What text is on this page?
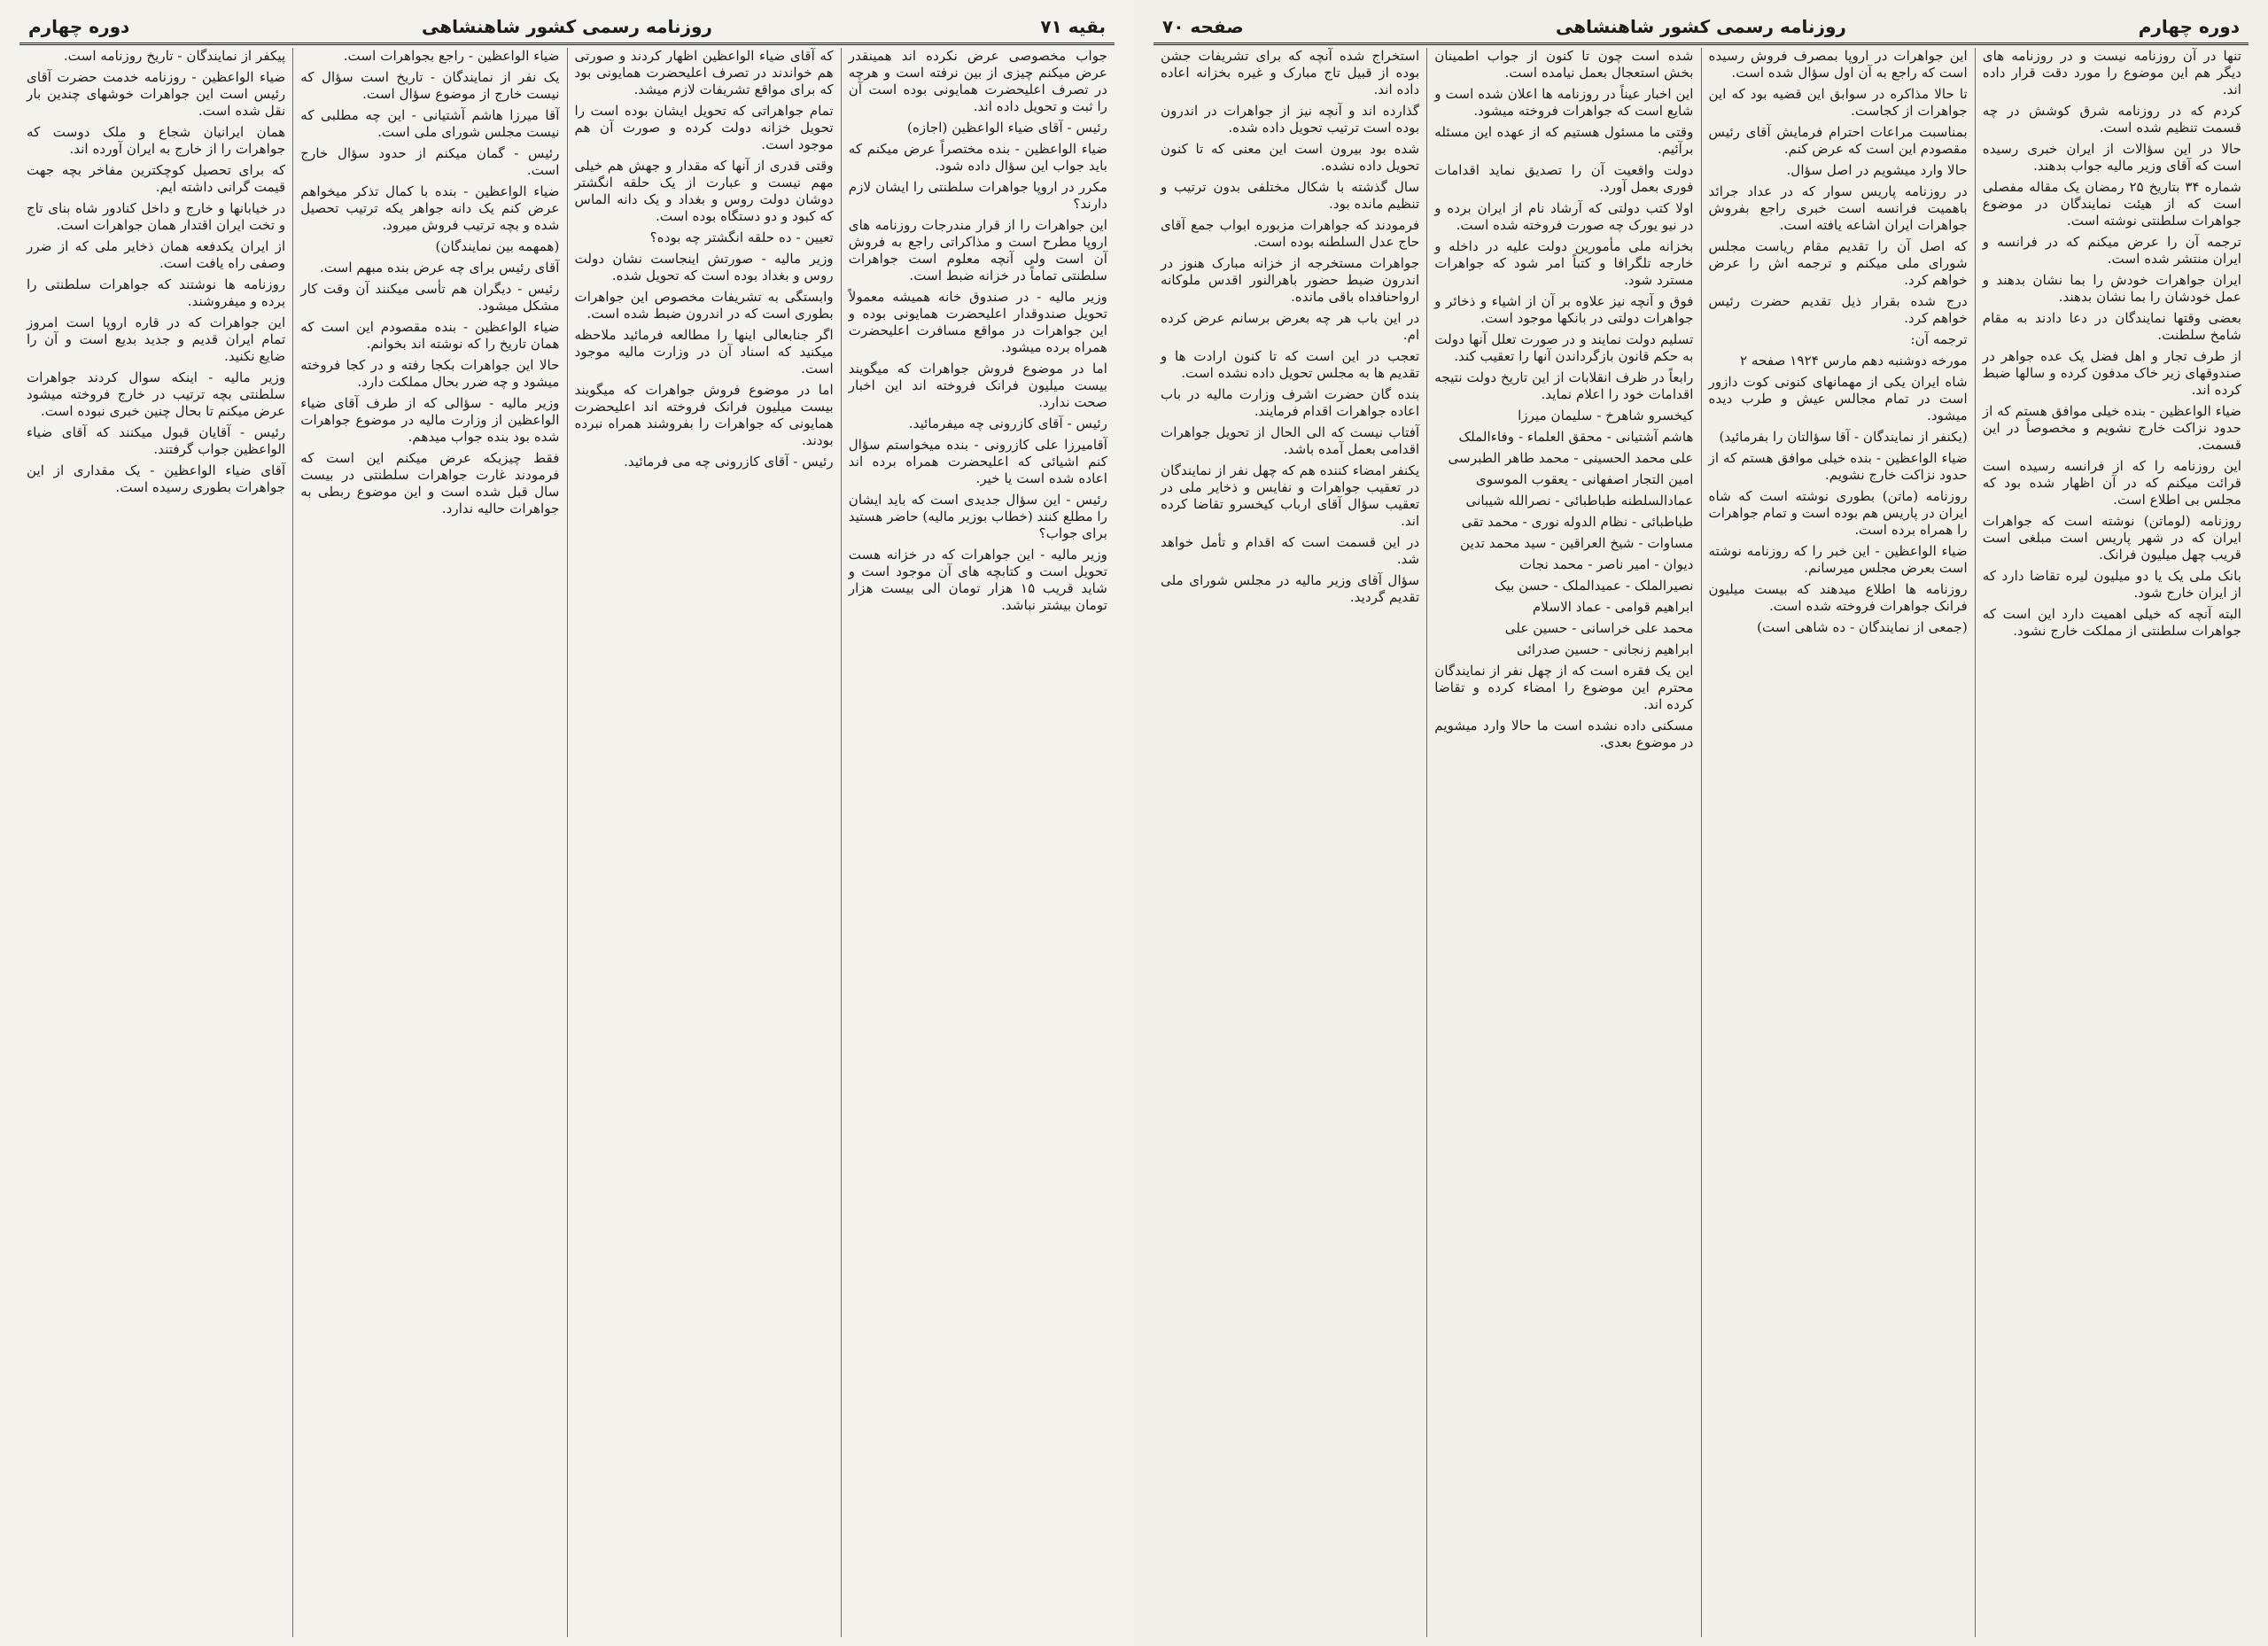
بقیه ۷۱
روزنامه رسمی کشور شاهنشاهی
دوره چهارم

جواب مخصوصی عرض نکرده اند همینقدر عرض میکنم چیزی از بین نرفته است و هرچه در تصرف اعلیحضرت همایونی بوده است آن را ثبت و تحویل داده اند.

رئیس - آقای ضیاء الواعظین (اجازه)

ضیاء الواعظین - بنده مختصراً عرض میکنم که باید جواب این سؤال داده شود.

مکرر در اروپا جواهرات سلطنتی را ایشان لازم دارند؟

این جواهرات را از قرار مندرجات روزنامه های اروپا مطرح است و مذاکراتی راجع به فروش آن است ولی آنچه معلوم است جواهرات سلطنتی تماماً در خزانه ضبط است.

وزیر مالیه - در صندوق خانه همیشه معمولاً تحویل صندوقدار اعلیحضرت همایونی بوده و این جواهرات در مواقع مسافرت اعلیحضرت همراه برده میشود.

اما در موضوع فروش جواهرات که میگویند بیست میلیون فرانک فروخته اند این اخبار صحت ندارد.

رئیس - آقای کازرونی چه میفرمائید.

آقامیرزا علی کازرونی - بنده میخواستم سؤال کنم اشیائی که اعلیحضرت همراه برده اند اعاده شده است یا خیر.

رئیس - این سؤال جدیدی است که باید ایشان را مطلع کنند (خطاب بوزیر مالیه) حاضر هستید برای جواب؟

وزیر مالیه - این جواهرات که در خزانه هست تحویل است و کتابچه های آن موجود است و شاید قریب ۱۵ هزار تومان الی بیست هزار تومان بیشتر نباشد.

که آقای ضیاء الواعظین اظهار کردند و صورتی هم خواندند در تصرف اعلیحضرت همایونی بود که برای مواقع تشریفات لازم میشد.

تمام جواهراتی که تحویل ایشان بوده است را تحویل خزانه دولت کرده و صورت آن هم موجود است.

وقتی قدری از آنها که مقدار و جهش هم خیلی مهم نیست و عبارت از یک حلقه انگشتر دوشان دولت روس و بغداد و یک دانه الماس که کبود و دو دستگاه بوده است.

تعیین - ده حلقه انگشتر چه بوده؟

وزیر مالیه - صورتش اینجاست نشان دولت روس و بغداد بوده است که تحویل شده.

وابستگی به تشریفات مخصوص این جواهرات بطوری است که در اندرون ضبط شده است.

اگر جنابعالی اینها را مطالعه فرمائید ملاحظه میکنید که اسناد آن در وزارت مالیه موجود است.

اما در موضوع فروش جواهرات که میگویند بیست میلیون فرانک فروخته اند اعلیحضرت همایونی که جواهرات را بفروشند همراه نبرده بودند.

رئیس - آقای کازرونی چه می فرمائید.

ضیاء الواعظین - راجع بجواهرات است.

یک نفر از نمایندگان - تاریخ است سؤال که نیست خارج از موضوع سؤال است.

آقا میرزا هاشم آشتیانی - این چه مطلبی که نیست مجلس شورای ملی است.

رئیس - گمان میکنم از حدود سؤال خارج است.

ضیاء الواعظین - بنده با کمال تذکر میخواهم عرض کنم یک دانه جواهر یکه ترتیب تحصیل شده و بچه ترتیب فروش میرود.

(همهمه بین نمایندگان)

آقای رئیس برای چه عرض بنده مبهم است.

رئیس - دیگران هم تأسی میکنند آن وقت کار مشکل میشود.

ضیاء الواعظین - بنده مقصودم این است که همان تاریخ را که نوشته اند بخوانم.

حالا این جواهرات بکجا رفته و در کجا فروخته میشود و چه ضرر بحال مملکت دارد.

وزیر مالیه - سؤالی که از طرف آقای ضیاء الواعظین از وزارت مالیه در موضوع جواهرات شده بود بنده جواب میدهم.

فقط چیزیکه عرض میکنم این است که فرمودند غارت جواهرات سلطنتی در بیست سال قبل شده است و این موضوع ربطی به جواهرات حالیه ندارد.

پیکفر از نمایندگان - تاریخ روزنامه است.

ضیاء الواعظین - روزنامه خدمت حضرت آقای رئیس است این جواهرات خوشهای چندین بار نقل شده است.

همان ایرانیان شجاع و ملک دوست که جواهرات را از خارج به ایران آورده اند.

که برای تحصیل کوچکترین مفاخر بچه جهت قیمت گرانی داشته ایم.

در خیابانها و خارج و داخل کنادور شاه بنای تاج و تخت ایران اقتدار همان جواهرات است.

از ایران یکدفعه همان ذخایر ملی که از ضرر وصفی راه یافت است.

روزنامه ها نوشتند که جواهرات سلطنتی را برده و میفروشند.

این جواهرات که در قاره اروپا است امروز تمام ایران قدیم و جدید بدیع است و آن را ضایع نکنید.

وزیر مالیه - اینکه سوال کردند جواهرات سلطنتی بچه ترتیب در خارج فروخته میشود عرض میکنم تا بحال چنین خبری نبوده است.

رئیس - آقایان قبول میکنند که آقای ضیاء الواعظین جواب گرفتند.

آقای ضیاء الواعظین - یک مقداری از این جواهرات بطوری رسیده است.

صفحه ۷۰	روزنامه رسمی کشور شاهنشاهی	دوره چهارم

تنها در آن روزنامه نیست و در روزنامه های دیگر هم این موضوع را مورد دقت قرار داده اند.

کردم که در روزنامه شرق کوشش در چه قسمت تنظیم شده است.

حالا در این سؤالات از ایران خبری رسیده است که آقای وزیر مالیه جواب بدهند.

شماره ۳۴ بتاریخ ۲۵ رمضان یک مقاله مفصلی است که از هیئت نمایندگان در موضوع جواهرات سلطنتی نوشته است.

ترجمه آن را عرض میکنم که در فرانسه و ایران منتشر شده است.

ایران جواهرات خودش را بما نشان بدهند و عمل خودشان را بما نشان بدهند.

بعضی وقتها نمایندگان در دعا دادند به مقام شامخ سلطنت.

از طرف تجار و اهل فضل یک عده جواهر در صندوقهای زیر خاک مدفون کرده و سالها ضبط کرده اند.

ضیاء الواعظین - بنده خیلی موافق هستم که از حدود نزاکت خارج نشویم و مخصوصاً در این قسمت.

این روزنامه را که از فرانسه رسیده است قرائت میکنم که در آن اظهار شده بود که مجلس بی اطلاع است.

روزنامه (لوماتن) نوشته است که جواهرات ایران که در شهر پاریس است مبلغی است قریب چهل میلیون فرانک.

بانک ملی یک یا دو میلیون لیره تقاضا دارد که از ایران خارج شود.

البته آنچه که خیلی اهمیت دارد این است که جواهرات سلطنتی از مملکت خارج نشود.

این جواهرات در اروپا بمصرف فروش رسیده است که راجع به آن اول سؤال شده است.

تا حالا مذاکره در سوابق این قضیه بود که این جواهرات از کجاست.

بمناسبت مراعات احترام فرمایش آقای رئیس مقصودم این است که عرض کنم.

حالا وارد میشویم در اصل سؤال.

در روزنامه پاریس سوار که در عداد جرائد باهمیت فرانسه است خبری راجع بفروش جواهرات ایران اشاعه یافته است.

که اصل آن را تقدیم مقام ریاست مجلس شورای ملی میکنم و ترجمه اش را عرض خواهم کرد.

درج شده بقرار ذیل تقدیم حضرت رئیس خواهم کرد.

ترجمه آن:

مورخه دوشنبه دهم مارس ۱۹۲۴ صفحه ۲

شاه ایران یکی از مهمانهای کنونی کوت دازور است در تمام مجالس عیش و طرب دیده میشود.

(یکنفر از نمایندگان - آقا سؤالتان را بفرمائید)

ضیاء الواعظین - بنده خیلی موافق هستم که از حدود نزاکت خارج نشویم.

روزنامه (ماتن) بطوری نوشته است که شاه ایران در پاریس هم بوده است و تمام جواهرات را همراه برده است.

ضیاء الواعظین - این خبر را که روزنامه نوشته است بعرض مجلس میرسانم.

روزنامه ها اطلاع میدهند که بیست میلیون فرانک جواهرات فروخته شده است.

(جمعی از نمایندگان - ده شاهی است)

شده است چون تا کنون از جواب اطمینان بخش استعجال بعمل نیامده است.

این اخبار عیناً در روزنامه ها اعلان شده است و شایع است که جواهرات فروخته میشود.

وقتی ما مسئول هستیم که از عهده این مسئله برآئیم.

دولت واقعیت آن را تصدیق نماید اقدامات فوری بعمل آورد.

اولا کتب دولتی که آرشاد نام از ایران برده و در نیو یورک چه صورت فروخته شده است.

بخزانه ملی مأمورین دولت علیه در داخله و خارجه تلگرافا و کتباً امر شود که جواهرات مسترد شود.

فوق و آنچه نیز علاوه بر آن از اشیاء و ذخائر و جواهرات دولتی در بانکها موجود است.

تسلیم دولت نمایند و در صورت تعلل آنها دولت به حکم قانون بازگرداندن آنها را تعقیب کند.

رابعاً در ظرف انقلابات از این تاریخ دولت نتیجه اقدامات خود را اعلام نماید.

کیخسرو شاهرخ - سلیمان میرزا

هاشم آشتیانی - محقق العلماء - وفاءالملک

علی محمد الحسینی - محمد طاهر الطبرسی

امین التجار اصفهانی - یعقوب الموسوی

عمادالسلطنه طباطبائی - نصرالله شیبانی

طباطبائی - نظام الدوله نوری - محمد تقی

مساوات - شیخ العراقین - سید محمد تدین

دیوان - امیر ناصر - محمد نجات

نصیرالملک - عمیدالملک - حسن بیک

ابراهیم قوامی - عماد الاسلام

محمد علی خراسانی - حسین علی

ابراهیم زنجانی - حسین صدرائی

این یک فقره است که از چهل نفر از نمایندگان محترم این موضوع را امضاء کرده و تقاضا کرده اند.

مسکنی داده نشده است ما حالا وارد میشویم در موضوع بعدی.

استخراج شده آنچه که برای تشریفات جشن بوده از قبیل تاج مبارک و غیره بخزانه اعاده داده اند.

گذارده اند و آنچه نیز از جواهرات در اندرون بوده است ترتیب تحویل داده شده.

شده بود بیرون است این معنی که تا کنون تحویل داده نشده.

سال گذشته با شکال مختلفی بدون ترتیب و تنظیم مانده بود.

فرمودند که جواهرات مزبوره ابواب جمع آقای حاج عدل السلطنه بوده است.

جواهرات مستخرجه از خزانه مبارک هنوز در اندرون ضبط حضور باهرالنور اقدس ملوکانه ارواحنافداه باقی مانده.

در این باب هر چه بعرض برسانم عرض کرده ام.

تعجب در این است که تا کنون ارادت ها و تقدیم ها به مجلس تحویل داده نشده است.

بنده گان حضرت اشرف وزارت مالیه در باب اعاده جواهرات اقدام فرمایند.

آفتاب نیست که الی الحال از تحویل جواهرات اقدامی بعمل آمده باشد.

یکنفر امضاء کننده هم که چهل نفر از نمایندگان در تعقیب جواهرات و نفایس و ذخایر ملی در تعقیب سؤال آقای ارباب کیخسرو تقاضا کرده اند.

در این قسمت است که اقدام و تأمل خواهد شد.

سؤال آقای وزیر مالیه در مجلس شورای ملی تقدیم گردید.
